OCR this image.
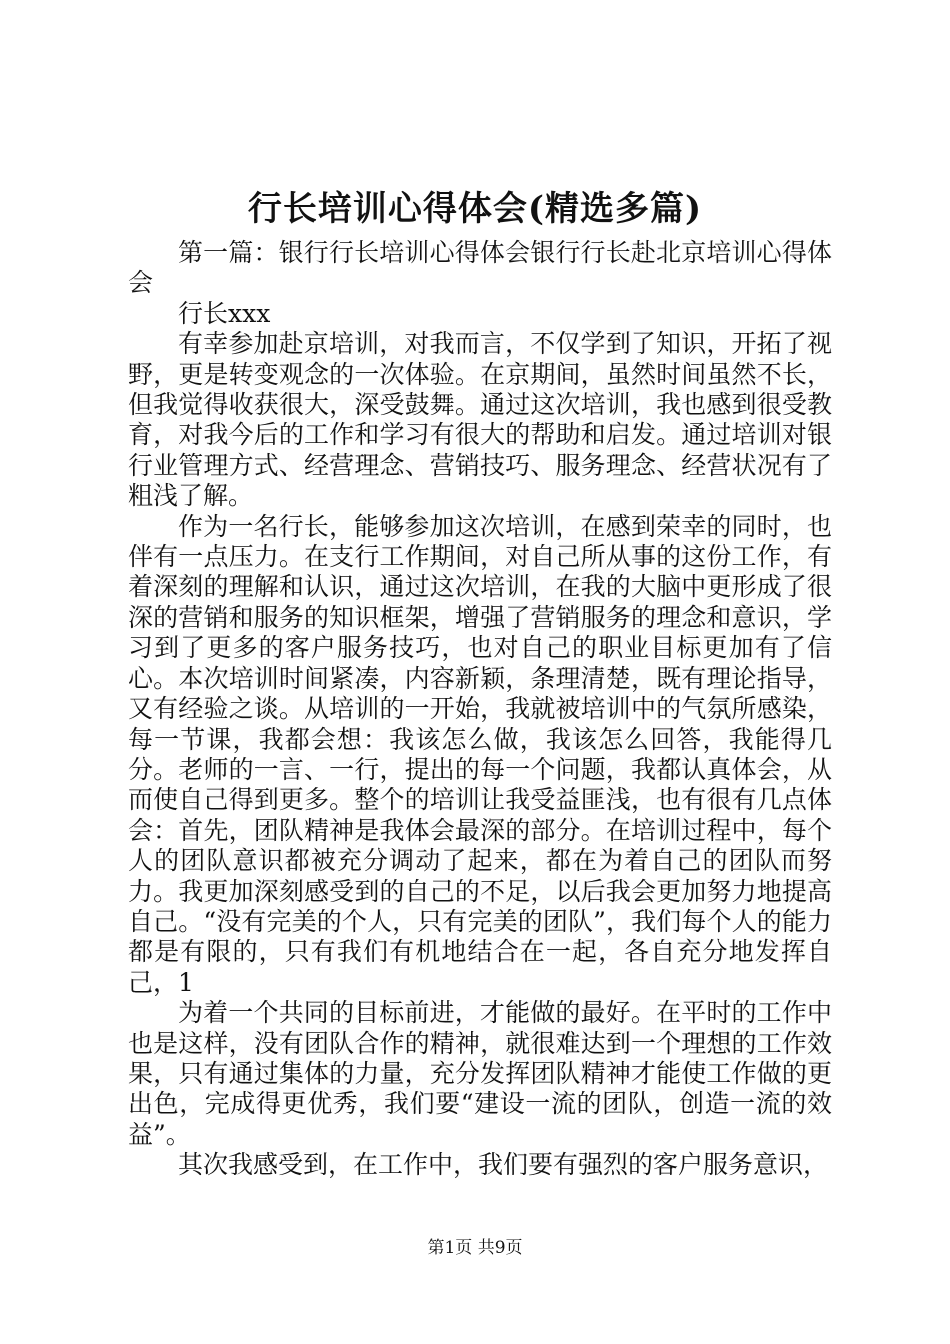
行长培训心得体会(精选多篇)

第一篇：银行行长培训心得体会银行行长赴北京培训心得体会

行长xxx

有幸参加赴京培训，对我而言，不仅学到了知识，开拓了视野，更是转变观念的一次体验。在京期间，虽然时间虽然不长，但我觉得收获很大，深受鼓舞。通过这次培训，我也感到很受教育，对我今后的工作和学习有很大的帮助和启发。通过培训对银行业管理方式、经营理念、营销技巧、服务理念、经营状况有了粗浅了解。

作为一名行长，能够参加这次培训，在感到荣幸的同时，也伴有一点压力。在支行工作期间，对自己所从事的这份工作，有着深刻的理解和认识，通过这次培训，在我的大脑中更形成了很深的营销和服务的知识框架，增强了营销服务的理念和意识，学习到了更多的客户服务技巧，也对自己的职业目标更加有了信心。本次培训时间紧凑，内容新颖，条理清楚，既有理论指导，又有经验之谈。从培训的一开始，我就被培训中的气氛所感染，每一节课，我都会想：我该怎么做，我该怎么回答，我能得几分。老师的一言、一行，提出的每一个问题，我都认真体会，从而使自己得到更多。整个的培训让我受益匪浅，也有很有几点体会：首先，团队精神是我体会最深的部分。在培训过程中，每个人的团队意识都被充分调动了起来，都在为着自己的团队而努力。我更加深刻感受到的自己的不足，以后我会更加努力地提高自己。“没有完美的个人，只有完美的团队”，我们每个人的能力都是有限的，只有我们有机地结合在一起，各自充分地发挥自己，1

为着一个共同的目标前进，才能做的最好。在平时的工作中也是这样，没有团队合作的精神，就很难达到一个理想的工作效果，只有通过集体的力量，充分发挥团队精神才能使工作做的更出色，完成得更优秀，我们要“建设一流的团队，创造一流的效益”。

其次我感受到，在工作中，我们要有强烈的客户服务意识，

第1页 共9页
